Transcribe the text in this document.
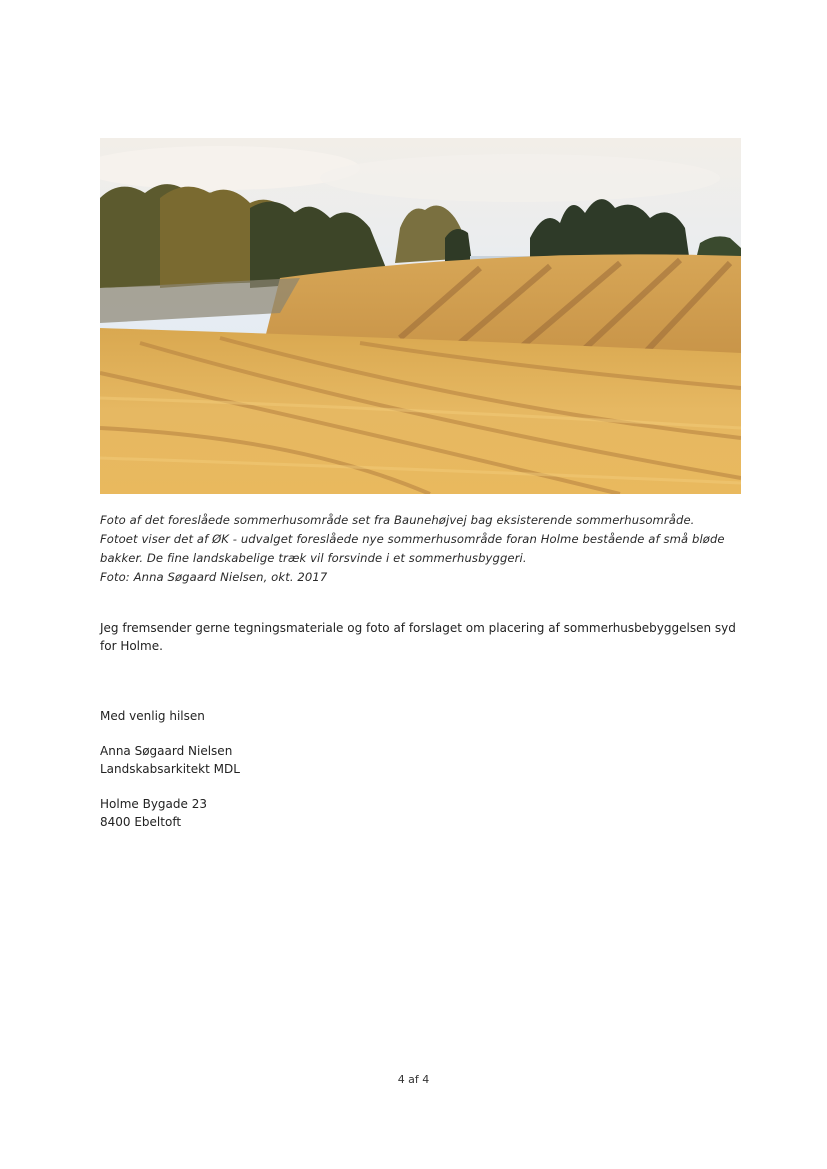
Foto af det foreslåede sommerhusområde set fra Baunehøjvej bag eksisterende sommerhusområde.
Fotoet viser det af ØK - udvalget foreslåede nye sommerhusområde foran Holme bestående af små bløde
bakker. De fine landskabelige træk vil forsvinde i et sommerhusbyggeri.
Foto: Anna Søgaard Nielsen, okt. 2017
Jeg fremsender gerne tegningsmateriale og foto af forslaget om placering af sommerhusbebyggelsen syd
for Holme.
Med venlig hilsen
Anna Søgaard Nielsen
Landskabsarkitekt MDL
Holme Bygade 23
8400 Ebeltoft
4 af 4
